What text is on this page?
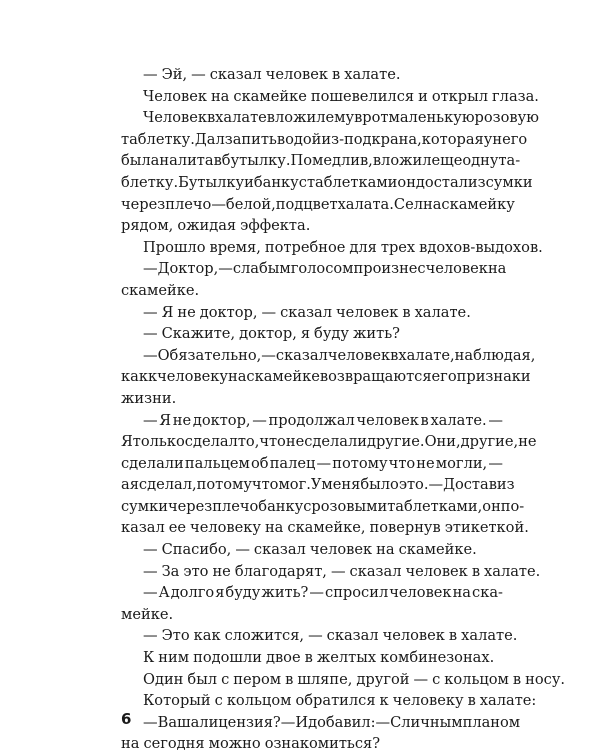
— Эй, — сказал человек в халате.
Человек на скамейке пошевелился и открыл глаза.
Человек в халате вложил ему в рот маленькую розовую
таблетку. Дал запить водой из-под крана, которая у него
была налита в бутылку. Помедлив, вложил еще одну та-
блетку. Бутылку и банку с таблетками он достал из сумки
через плечо — белой, под цвет халата. Сел на скамейку
рядом, ожидая эффекта.
Прошло время, потребное для трех вдохов-выдохов.
— Доктор, — слабым голосом произнес человек на
скамейке.
— Я не доктор, — сказал человек в халате.
— Скажите, доктор, я буду жить?
— Обязательно, — сказал человек в халате, наблюдая,
как к человеку на скамейке возвращаются его признаки
жизни.
— Я не доктор, — продолжал человек в халате. —
Я только сделал то, что не сделали другие. Они, другие, не
сделали пальцем об палец — потому что не могли, —
а я сделал, потому что мог. У меня было это. — Достав из
сумки через плечо банку с розовыми таблетками, он по-
казал ее человеку на скамейке, повернув этикеткой.
— Спасибо, — сказал человек на скамейке.
— За это не благодарят, — сказал человек в халате.
— А долго я буду жить? — спросил человек на ска-
мейке.
— Это как сложится, — сказал человек в халате.
К ним подошли двое в желтых комбинезонах.
Один был с пером в шляпе, другой — с кольцом в носу.
Который с кольцом обратился к человеку в халате:
— Ваша лицензия? — И добавил: — С личным планом
на сегодня можно ознакомиться?
6
